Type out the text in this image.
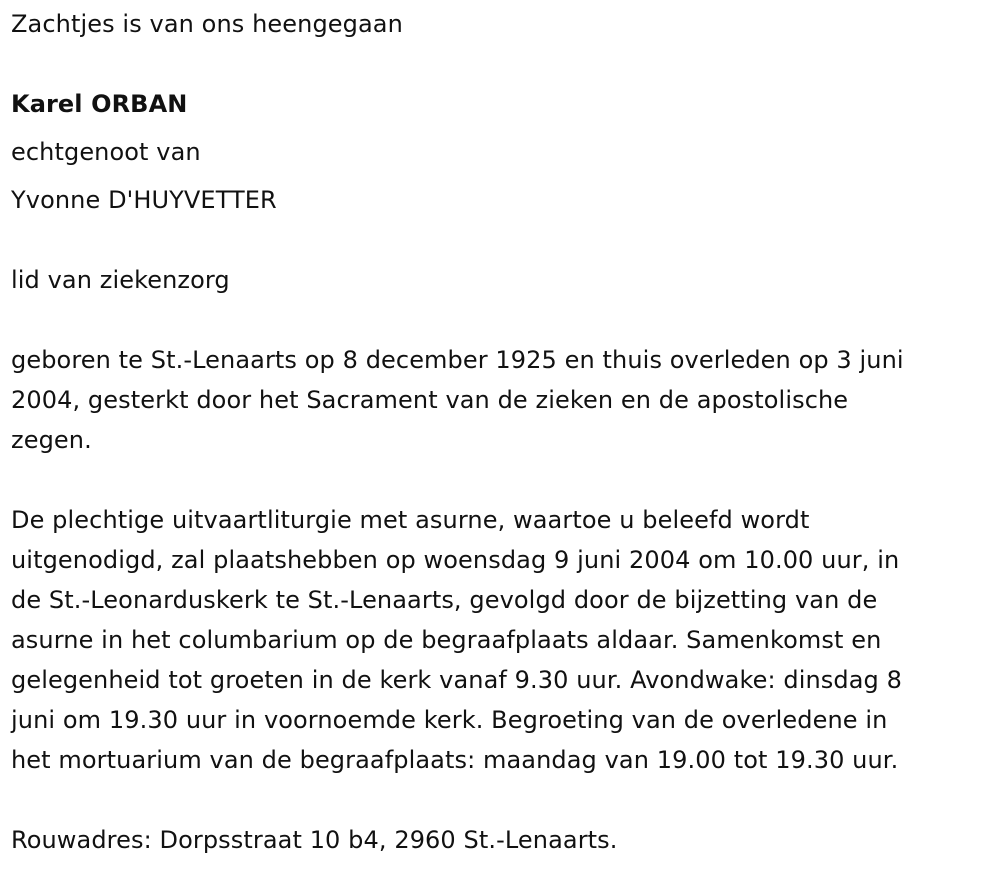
Zachtjes is van ons heengegaan
Karel ORBAN
echtgenoot van
Yvonne D'HUYVETTER
lid van ziekenzorg
geboren te St.-Lenaarts op 8 december 1925 en thuis overleden op 3 juni
2004, gesterkt door het Sacrament van de zieken en de apostolische
zegen.
De plechtige uitvaartliturgie met asurne, waartoe u beleefd wordt
uitgenodigd, zal plaatshebben op woensdag 9 juni 2004 om 10.00 uur, in
de St.-Leonarduskerk te St.-Lenaarts, gevolgd door de bijzetting van de
asurne in het columbarium op de begraafplaats aldaar. Samenkomst en
gelegenheid tot groeten in de kerk vanaf 9.30 uur. Avondwake: dinsdag 8
juni om 19.30 uur in voornoemde kerk. Begroeting van de overledene in
het mortuarium van de begraafplaats: maandag van 19.00 tot 19.30 uur.
Rouwadres: Dorpsstraat 10 b4, 2960 St.-Lenaarts.
